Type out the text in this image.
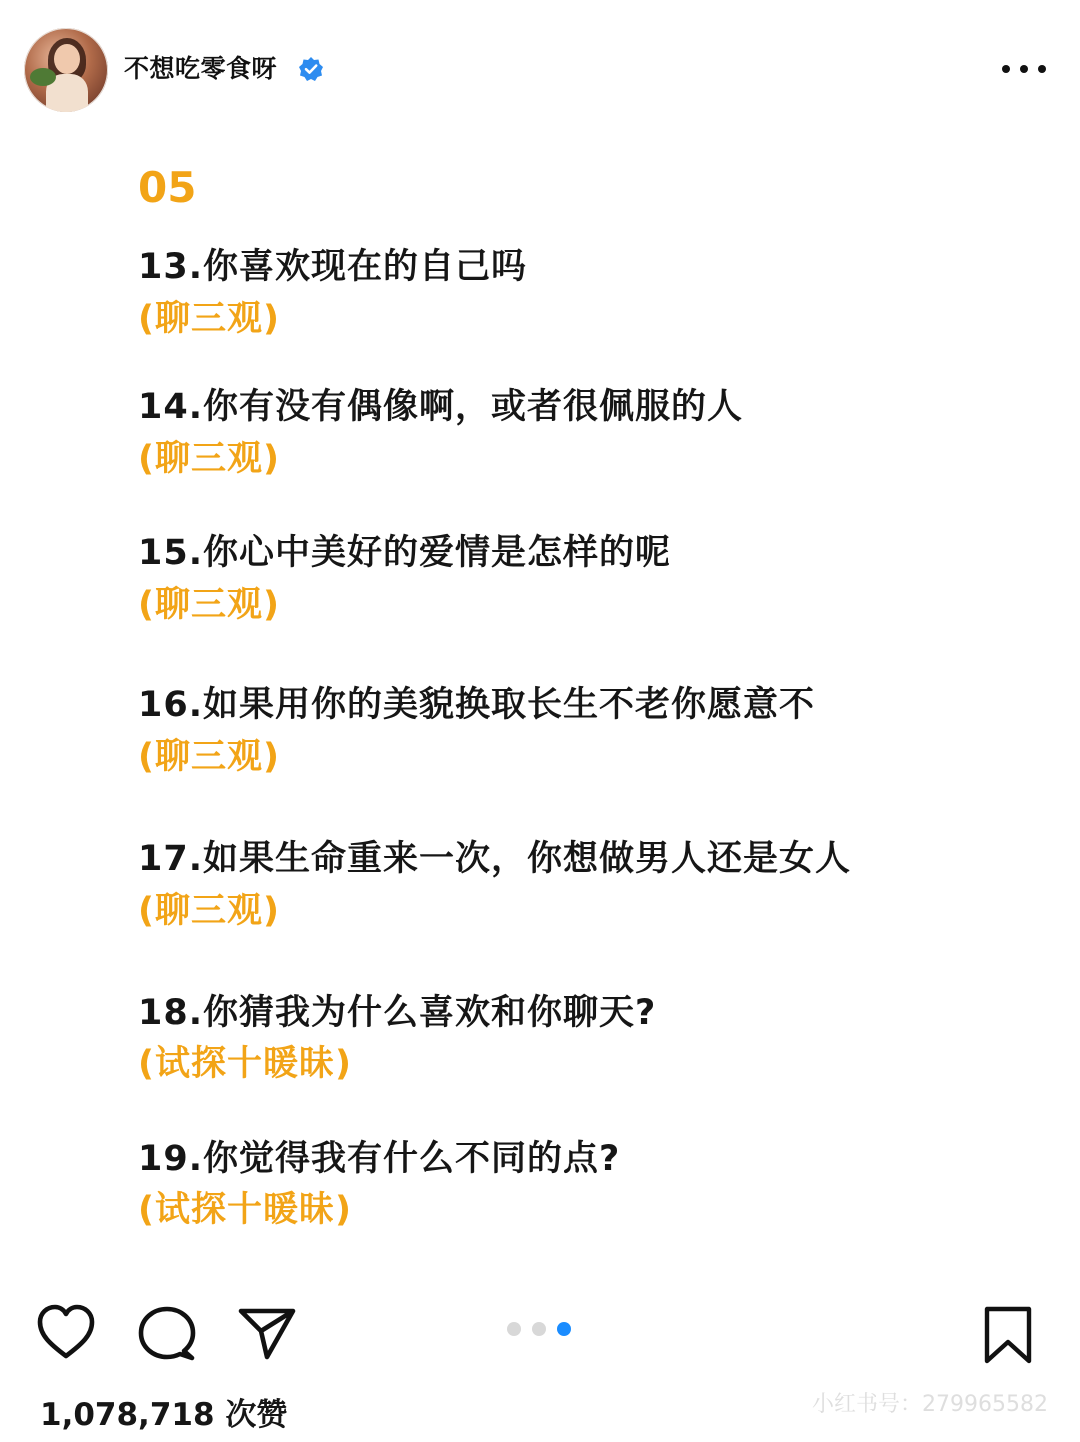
不想吃零食呀
05
13.你喜欢现在的自己吗
(聊三观)
14.你有没有偶像啊，或者很佩服的人
(聊三观)
15.你心中美好的爱情是怎样的呢
(聊三观)
16.如果用你的美貌换取长生不老你愿意不
(聊三观)
17.如果生命重来一次，你想做男人还是女人
(聊三观)
18.你猜我为什么喜欢和你聊天?
(试探十暖昧)
19.你觉得我有什么不同的点?
(试探十暖昧)
1,078,718 次赞	小红书号：279965582
